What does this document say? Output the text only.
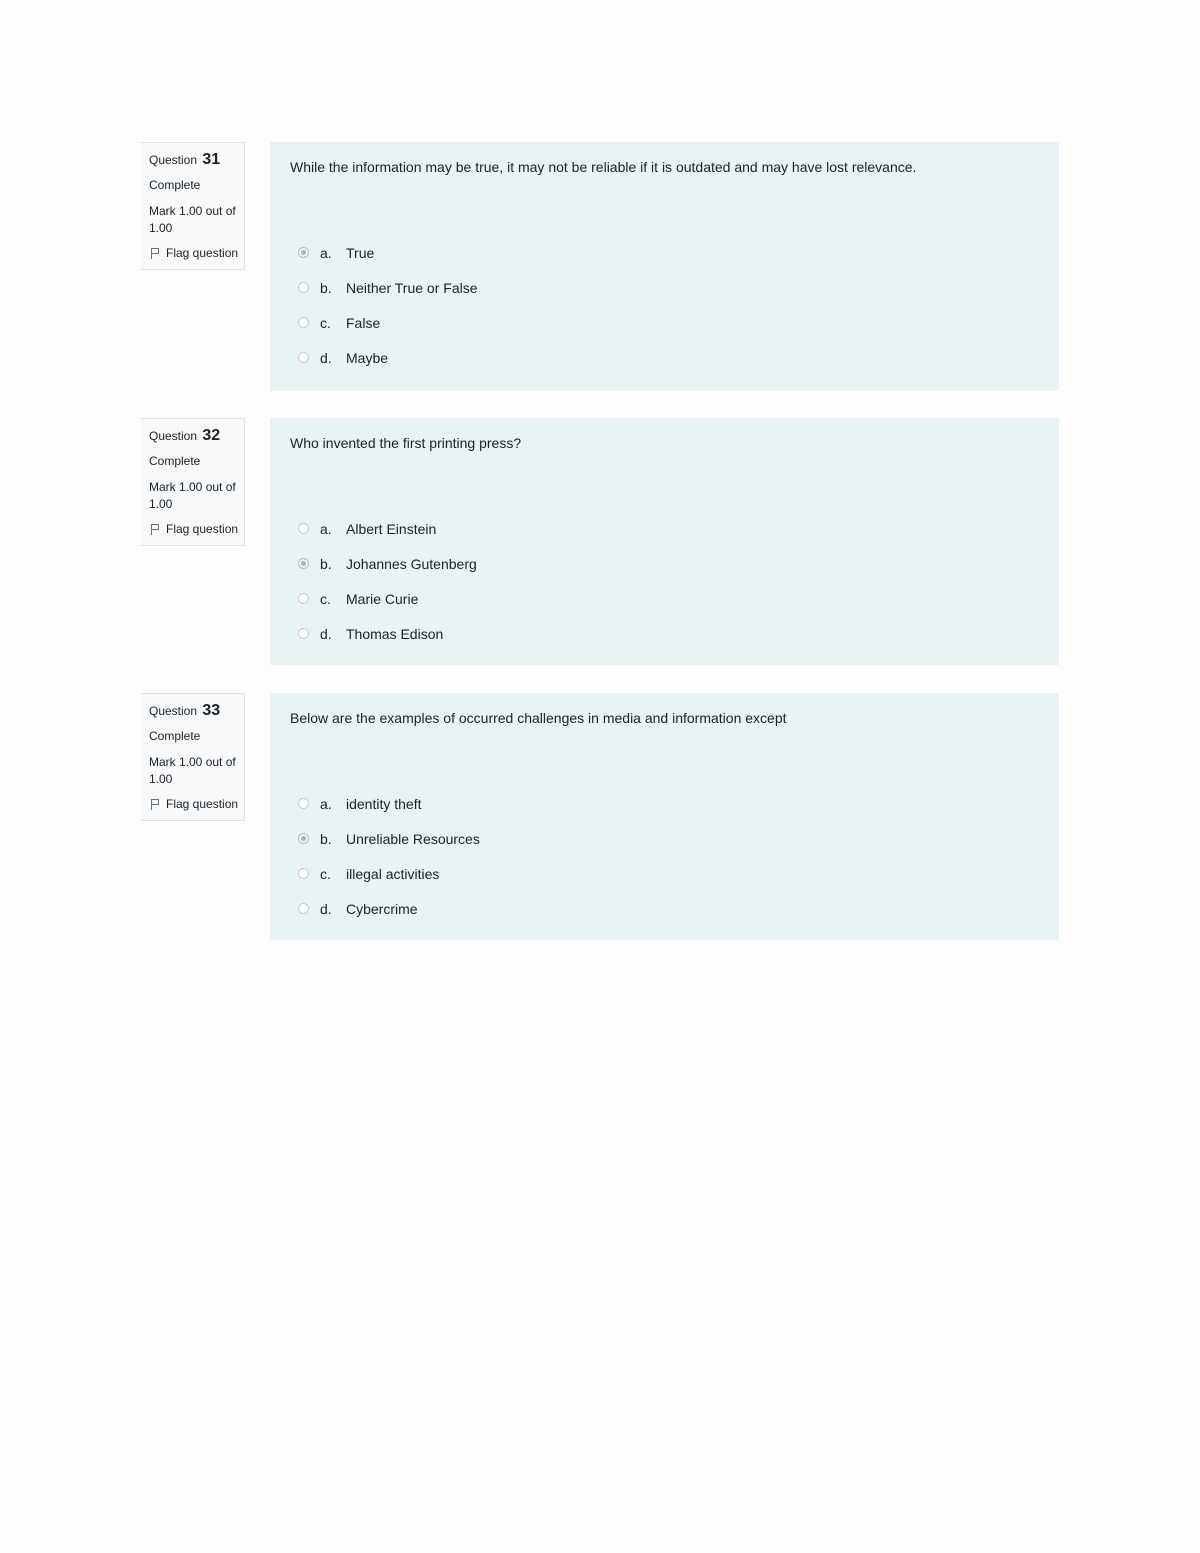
Question 31
Complete
Mark 1.00 out of 1.00
Flag question
While the information may be true, it may not be reliable if it is outdated and may have lost relevance.
a.	True
b.	Neither True or False
c.	False
d.	Maybe
Question 32
Complete
Mark 1.00 out of 1.00
Flag question
Who invented the first printing press?
a.	Albert Einstein
b.	Johannes Gutenberg
c.	Marie Curie
d.	Thomas Edison
Question 33
Complete
Mark 1.00 out of 1.00
Flag question
Below are the examples of occurred challenges in media and information except
a.	identity theft
b.	Unreliable Resources
c.	illegal activities
d.	Cybercrime
